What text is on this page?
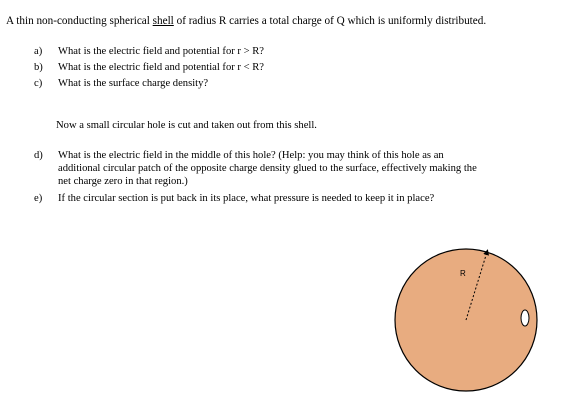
A thin non-conducting spherical shell of radius R carries a total charge of Q which is uniformly distributed.
a) What is the electric field and potential for r > R?
b) What is the electric field and potential for r < R?
c) What is the surface charge density?
Now a small circular hole is cut and taken out from this shell.
d) What is the electric field in the middle of this hole? (Help: you may think of this hole as an
additional circular patch of the opposite charge density glued to the surface, effectively making the
net charge zero in that region.)
e) If the circular section is put back in its place, what pressure is needed to keep it in place?
R
